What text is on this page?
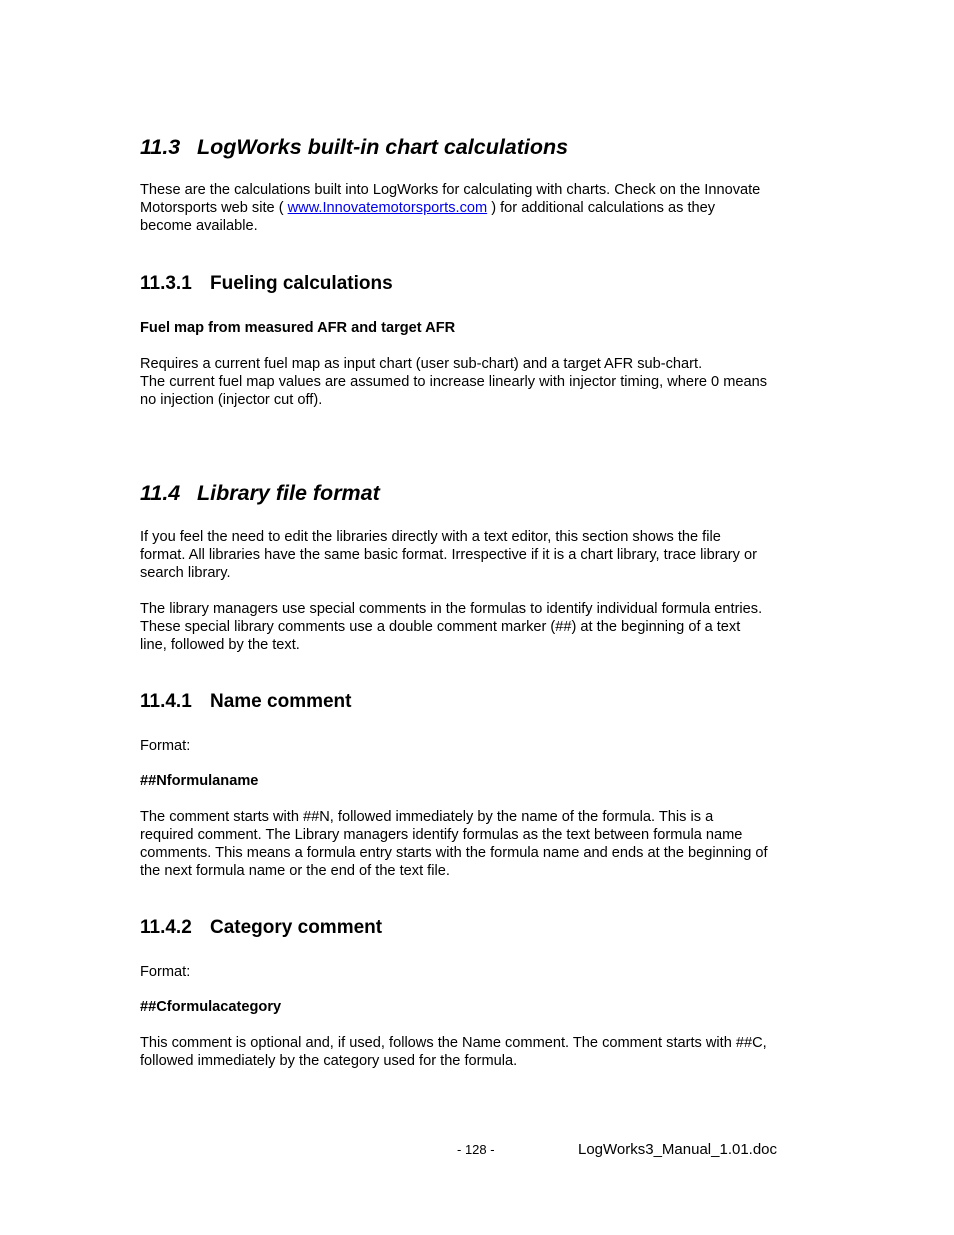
11.3 LogWorks built-in chart calculations
These are the calculations built into LogWorks for calculating with charts. Check on the Innovate
Motorsports web site ( www.Innovatemotorsports.com ) for additional calculations as they
become available.
11.3.1 Fueling calculations
Fuel map from measured AFR and target AFR
Requires a current fuel map as input chart (user sub-chart) and a target AFR sub-chart.
The current fuel map values are assumed to increase linearly with injector timing, where 0 means
no injection (injector cut off).
11.4 Library file format
If you feel the need to edit the libraries directly with a text editor, this section shows the file
format. All libraries have the same basic format. Irrespective if it is a chart library, trace library or
search library.
The library managers use special comments in the formulas to identify individual formula entries.
These special library comments use a double comment marker (##) at the beginning of a text
line, followed by the text.
11.4.1 Name comment
Format:
##Nformulaname
The comment starts with ##N, followed immediately by the name of the formula. This is a
required comment. The Library managers identify formulas as the text between formula name
comments. This means a formula entry starts with the formula name and ends at the beginning of
the next formula name or the end of the text file.
11.4.2 Category comment
Format:
##Cformulacategory
This comment is optional and, if used, follows the Name comment. The comment starts with ##C,
followed immediately by the category used for the formula.
- 128 -	LogWorks3_Manual_1.01.doc
